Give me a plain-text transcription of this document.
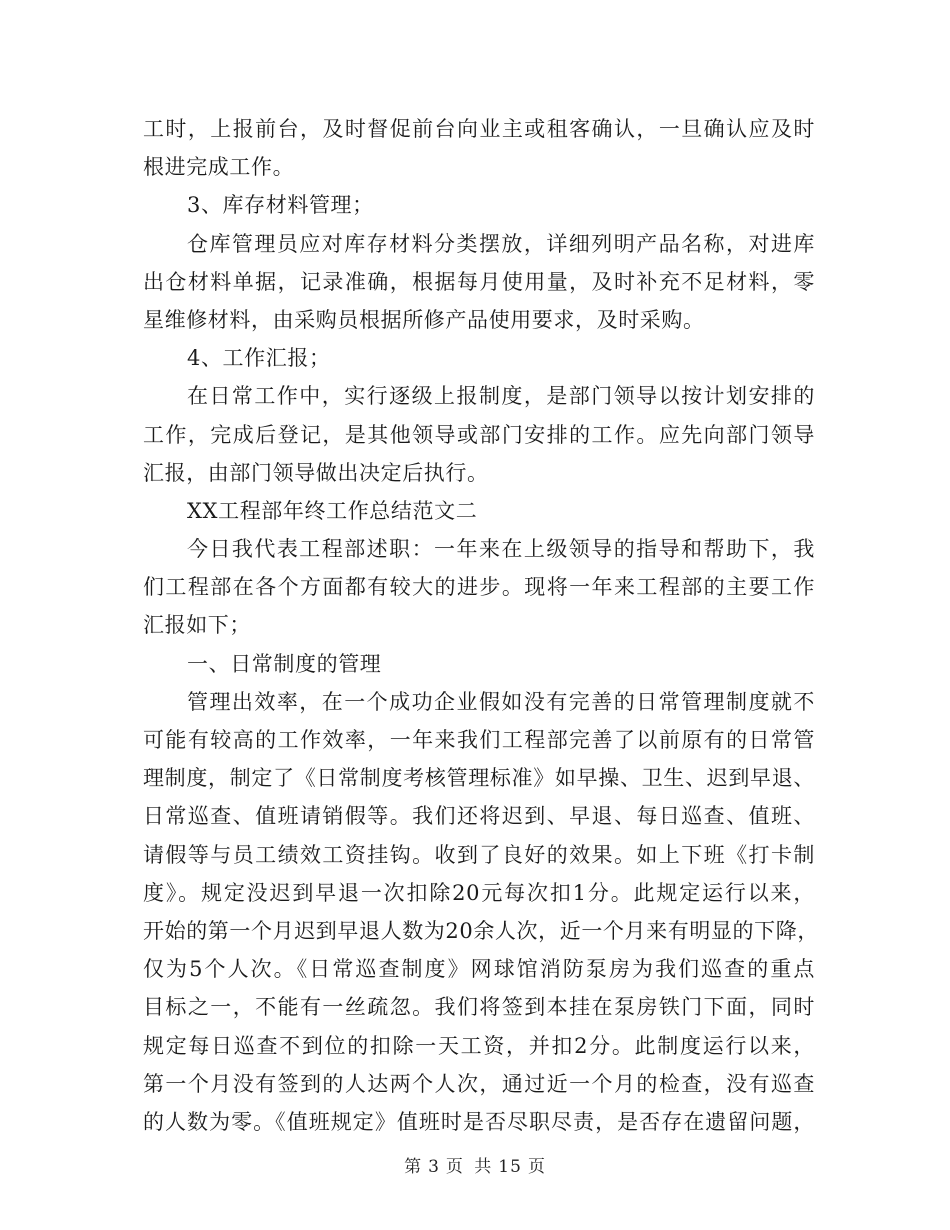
工时，上报前台，及时督促前台向业主或租客确认，一旦确认应及时
根进完成工作。
3、库存材料管理；
仓库管理员应对库存材料分类摆放，详细列明产品名称，对进库
出仓材料单据，记录准确，根据每月使用量，及时补充不足材料，零
星维修材料，由采购员根据所修产品使用要求，及时采购。
4、工作汇报；
在日常工作中，实行逐级上报制度，是部门领导以按计划安排的
工作，完成后登记，是其他领导或部门安排的工作。应先向部门领导
汇报，由部门领导做出决定后执行。
XX工程部年终工作总结范文二
今日我代表工程部述职：一年来在上级领导的指导和帮助下，我
们工程部在各个方面都有较大的进步。现将一年来工程部的主要工作
汇报如下；
一、日常制度的管理
管理出效率，在一个成功企业假如没有完善的日常管理制度就不
可能有较高的工作效率，一年来我们工程部完善了以前原有的日常管
理制度，制定了《日常制度考核管理标准》如早操、卫生、迟到早退、
日常巡查、值班请销假等。我们还将迟到、早退、每日巡查、值班、
请假等与员工绩效工资挂钩。收到了良好的效果。如上下班《打卡制
度》。规定没迟到早退一次扣除20元每次扣1分。此规定运行以来，
开始的第一个月迟到早退人数为20余人次，近一个月来有明显的下降，
仅为5个人次。《日常巡查制度》网球馆消防泵房为我们巡查的重点
目标之一，不能有一丝疏忽。我们将签到本挂在泵房铁门下面，同时
规定每日巡查不到位的扣除一天工资，并扣2分。此制度运行以来，
第一个月没有签到的人达两个人次，通过近一个月的检查，没有巡查
的人数为零。《值班规定》值班时是否尽职尽责，是否存在遗留问题，
第 3 页 共 15 页
